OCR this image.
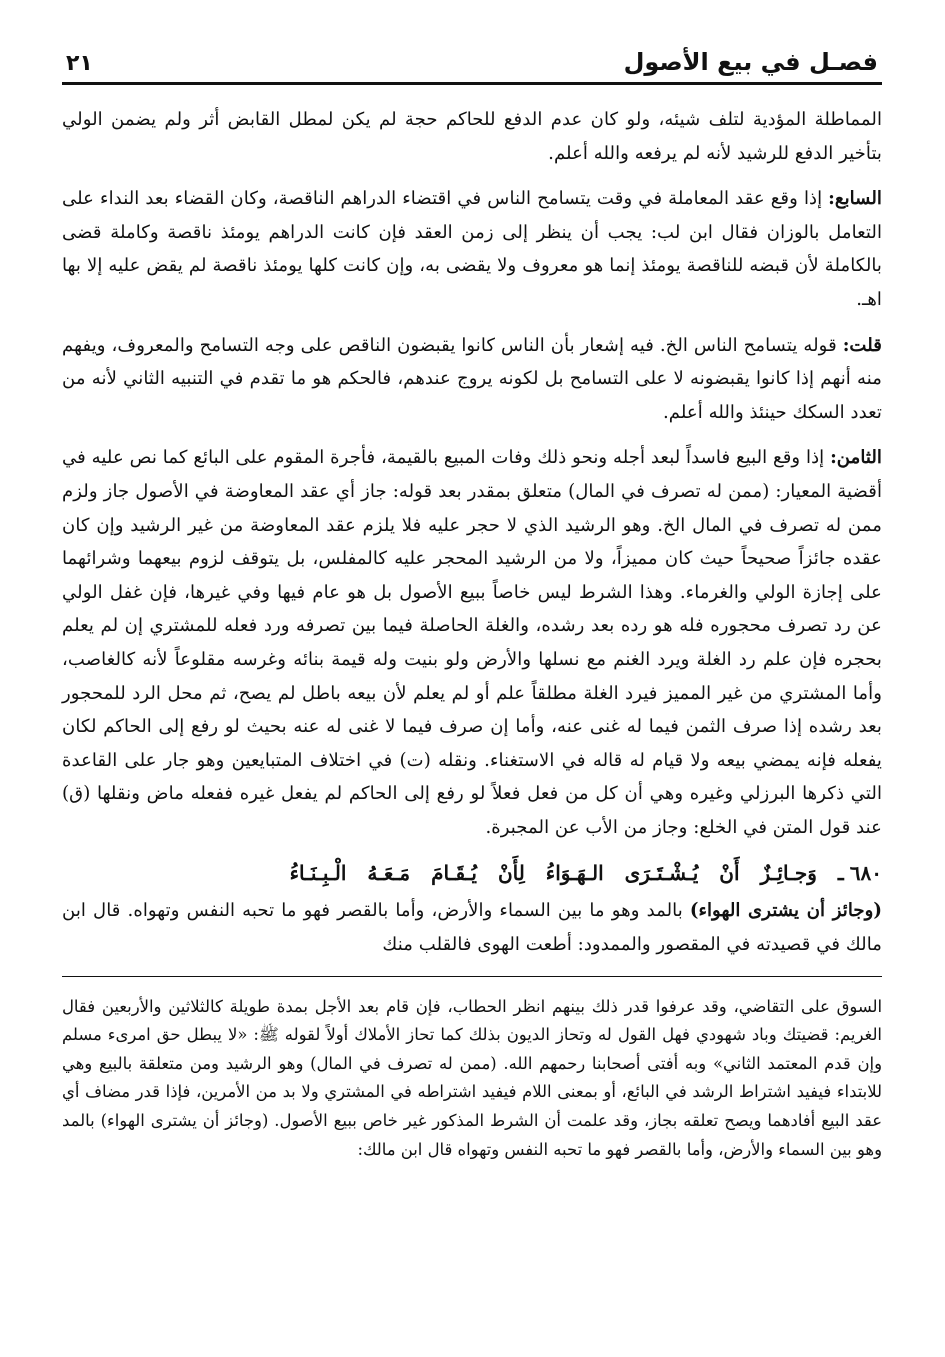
فصـل في بيع الأصول
٢١

المماطلة المؤدية لتلف شيئه، ولو كان عدم الدفع للحاكم حجة لم يكن لمطل القابض أثر ولم يضمن الولي بتأخير الدفع للرشيد لأنه لم يرفعه والله أعلم.

السابع: إذا وقع عقد المعاملة في وقت يتسامح الناس في اقتضاء الدراهم الناقصة، وكان القضاء بعد النداء على التعامل بالوزان فقال ابن لب: يجب أن ينظر إلى زمن العقد فإن كانت الدراهم يومئذ ناقصة وكاملة قضى بالكاملة لأن قبضه للناقصة يومئذ إنما هو معروف ولا يقضى به، وإن كانت كلها يومئذ ناقصة لم يقض عليه إلا بها اهـ.

قلت: قوله يتسامح الناس الخ. فيه إشعار بأن الناس كانوا يقبضون الناقص على وجه التسامح والمعروف، ويفهم منه أنهم إذا كانوا يقبضونه لا على التسامح بل لكونه يروج عندهم، فالحكم هو ما تقدم في التنبيه الثاني لأنه من تعدد السكك حينئذ والله أعلم.

الثامن: إذا وقع البيع فاسداً لبعد أجله ونحو ذلك وفات المبيع بالقيمة، فأجرة المقوم على البائع كما نص عليه في أقضية المعيار: (ممن له تصرف في المال) متعلق بمقدر بعد قوله: جاز أي عقد المعاوضة في الأصول جاز ولزم ممن له تصرف في المال الخ. وهو الرشيد الذي لا حجر عليه فلا يلزم عقد المعاوضة من غير الرشيد وإن كان عقده جائزاً صحيحاً حيث كان مميزاً، ولا من الرشيد المحجر عليه كالمفلس، بل يتوقف لزوم بيعهما وشرائهما على إجازة الولي والغرماء. وهذا الشرط ليس خاصاً ببيع الأصول بل هو عام فيها وفي غيرها، فإن غفل الولي عن رد تصرف محجوره فله هو رده بعد رشده، والغلة الحاصلة فيما بين تصرفه ورد فعله للمشتري إن لم يعلم بحجره فإن علم رد الغلة ويرد الغنم مع نسلها والأرض ولو بنيت وله قيمة بنائه وغرسه مقلوعاً لأنه كالغاصب، وأما المشتري من غير المميز فيرد الغلة مطلقاً علم أو لم يعلم لأن بيعه باطل لم يصح، ثم محل الرد للمحجور بعد رشده إذا صرف الثمن فيما له غنى عنه، وأما إن صرف فيما لا غنى له عنه بحيث لو رفع إلى الحاكم لكان يفعله فإنه يمضي بيعه ولا قيام له قاله في الاستغناء. ونقله (ت) في اختلاف المتبايعين وهو جار على القاعدة التي ذكرها البرزلي وغيره وهي أن كل من فعل فعلاً لو رفع إلى الحاكم لم يفعل غيره ففعله ماض ونقلها (ق) عند قول المتن في الخلع: وجاز من الأب عن المجبرة.

٦٨٠ـ وَجـائِـزٌ أَنْ يُـشْـتَـرَى الـهَـوَاءُ لِأَنْ يُـقَـامَ مَـعَـهُ الْـبِـنَـاءُ

(وجائز أن يشترى الهواء) بالمد وهو ما بين السماء والأرض، وأما بالقصر فهو ما تحبه النفس وتهواه. قال ابن مالك في قصيدته في المقصور والممدود: أطعت الهوى فالقلب منك

السوق على التقاضي، وقد عرفوا قدر ذلك بينهم انظر الحطاب، فإن قام بعد الأجل بمدة طويلة كالثلاثين والأربعين فقال الغريم: قضيتك وباد شهودي فهل القول له وتحاز الديون بذلك كما تحاز الأملاك أولاً لقوله ﷺ: «لا يبطل حق امرىء مسلم وإن قدم المعتمد الثاني» وبه أفتى أصحابنا رحمهم الله. (ممن له تصرف في المال) وهو الرشيد ومن متعلقة بالبيع وهي للابتداء فيفيد اشتراط الرشد في البائع، أو بمعنى اللام فيفيد اشتراطه في المشتري ولا بد من الأمرين، فإذا قدر مضاف أي عقد البيع أفادهما ويصح تعلقه بجاز، وقد علمت أن الشرط المذكور غير خاص ببيع الأصول. (وجائز أن يشترى الهواء) بالمد وهو بين السماء والأرض، وأما بالقصر فهو ما تحبه النفس وتهواه قال ابن مالك:
